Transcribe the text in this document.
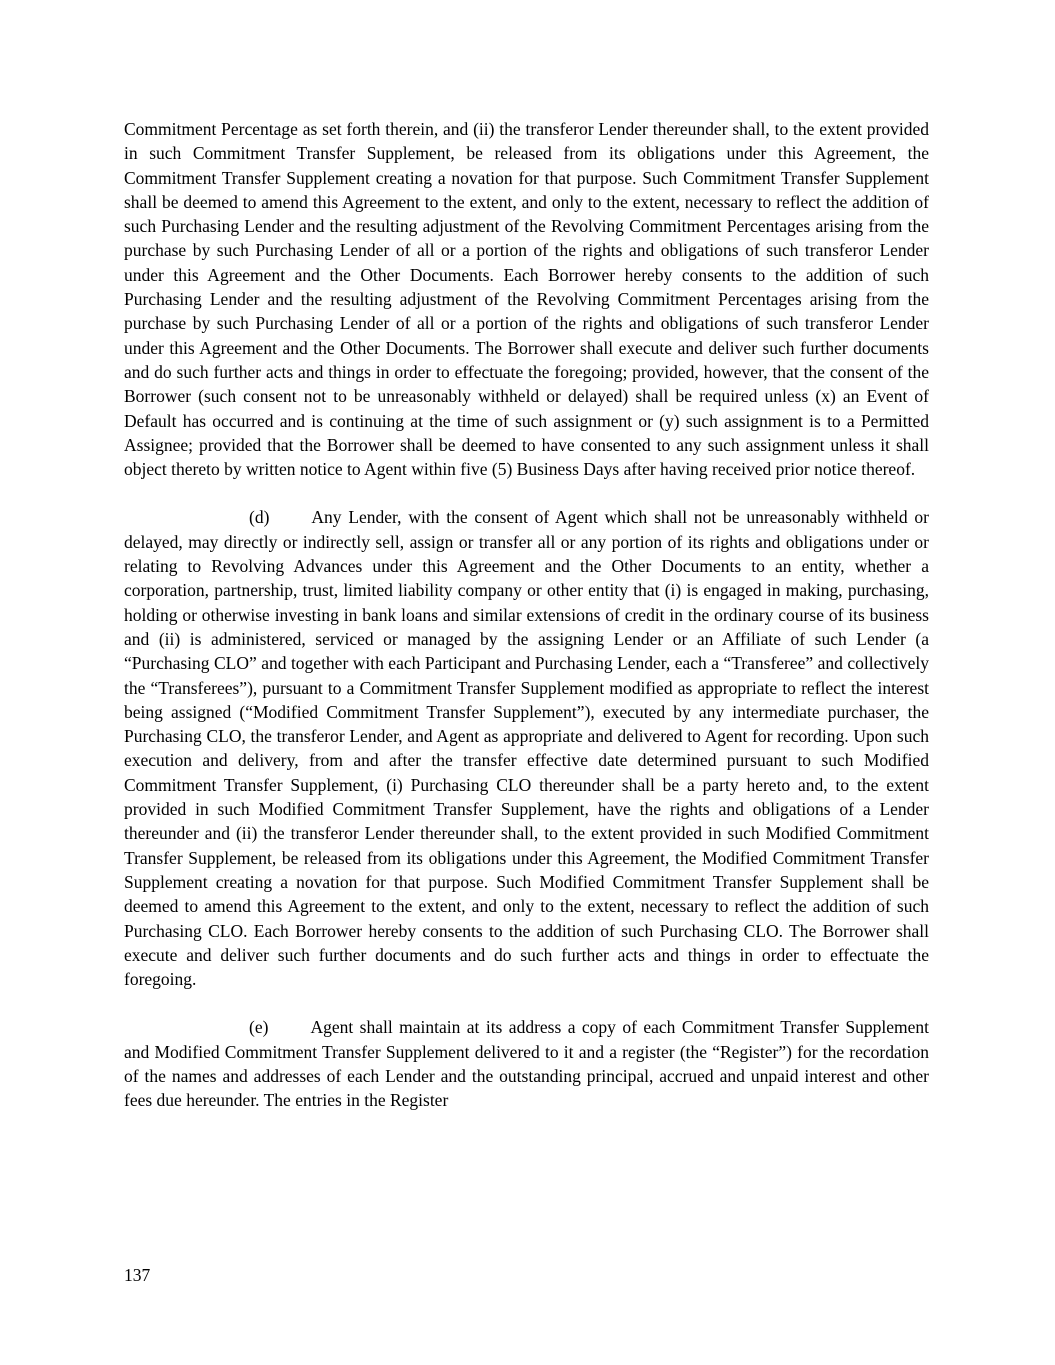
Commitment Percentage as set forth therein, and (ii) the transferor Lender thereunder shall, to the extent provided in such Commitment Transfer Supplement, be released from its obligations under this Agreement, the Commitment Transfer Supplement creating a novation for that purpose. Such Commitment Transfer Supplement shall be deemed to amend this Agreement to the extent, and only to the extent, necessary to reflect the addition of such Purchasing Lender and the resulting adjustment of the Revolving Commitment Percentages arising from the purchase by such Purchasing Lender of all or a portion of the rights and obligations of such transferor Lender under this Agreement and the Other Documents. Each Borrower hereby consents to the addition of such Purchasing Lender and the resulting adjustment of the Revolving Commitment Percentages arising from the purchase by such Purchasing Lender of all or a portion of the rights and obligations of such transferor Lender under this Agreement and the Other Documents. The Borrower shall execute and deliver such further documents and do such further acts and things in order to effectuate the foregoing; provided, however, that the consent of the Borrower (such consent not to be unreasonably withheld or delayed) shall be required unless (x) an Event of Default has occurred and is continuing at the time of such assignment or (y) such assignment is to a Permitted Assignee; provided that the Borrower shall be deemed to have consented to any such assignment unless it shall object thereto by written notice to Agent within five (5) Business Days after having received prior notice thereof.

(d) Any Lender, with the consent of Agent which shall not be unreasonably withheld or delayed, may directly or indirectly sell, assign or transfer all or any portion of its rights and obligations under or relating to Revolving Advances under this Agreement and the Other Documents to an entity, whether a corporation, partnership, trust, limited liability company or other entity that (i) is engaged in making, purchasing, holding or otherwise investing in bank loans and similar extensions of credit in the ordinary course of its business and (ii) is administered, serviced or managed by the assigning Lender or an Affiliate of such Lender (a “Purchasing CLO” and together with each Participant and Purchasing Lender, each a “Transferee” and collectively the “Transferees”), pursuant to a Commitment Transfer Supplement modified as appropriate to reflect the interest being assigned (“Modified Commitment Transfer Supplement”), executed by any intermediate purchaser, the Purchasing CLO, the transferor Lender, and Agent as appropriate and delivered to Agent for recording. Upon such execution and delivery, from and after the transfer effective date determined pursuant to such Modified Commitment Transfer Supplement, (i) Purchasing CLO thereunder shall be a party hereto and, to the extent provided in such Modified Commitment Transfer Supplement, have the rights and obligations of a Lender thereunder and (ii) the transferor Lender thereunder shall, to the extent provided in such Modified Commitment Transfer Supplement, be released from its obligations under this Agreement, the Modified Commitment Transfer Supplement creating a novation for that purpose. Such Modified Commitment Transfer Supplement shall be deemed to amend this Agreement to the extent, and only to the extent, necessary to reflect the addition of such Purchasing CLO. Each Borrower hereby consents to the addition of such Purchasing CLO. The Borrower shall execute and deliver such further documents and do such further acts and things in order to effectuate the foregoing.

(e) Agent shall maintain at its address a copy of each Commitment Transfer Supplement and Modified Commitment Transfer Supplement delivered to it and a register (the “Register”) for the recordation of the names and addresses of each Lender and the outstanding principal, accrued and unpaid interest and other fees due hereunder. The entries in the Register

137
